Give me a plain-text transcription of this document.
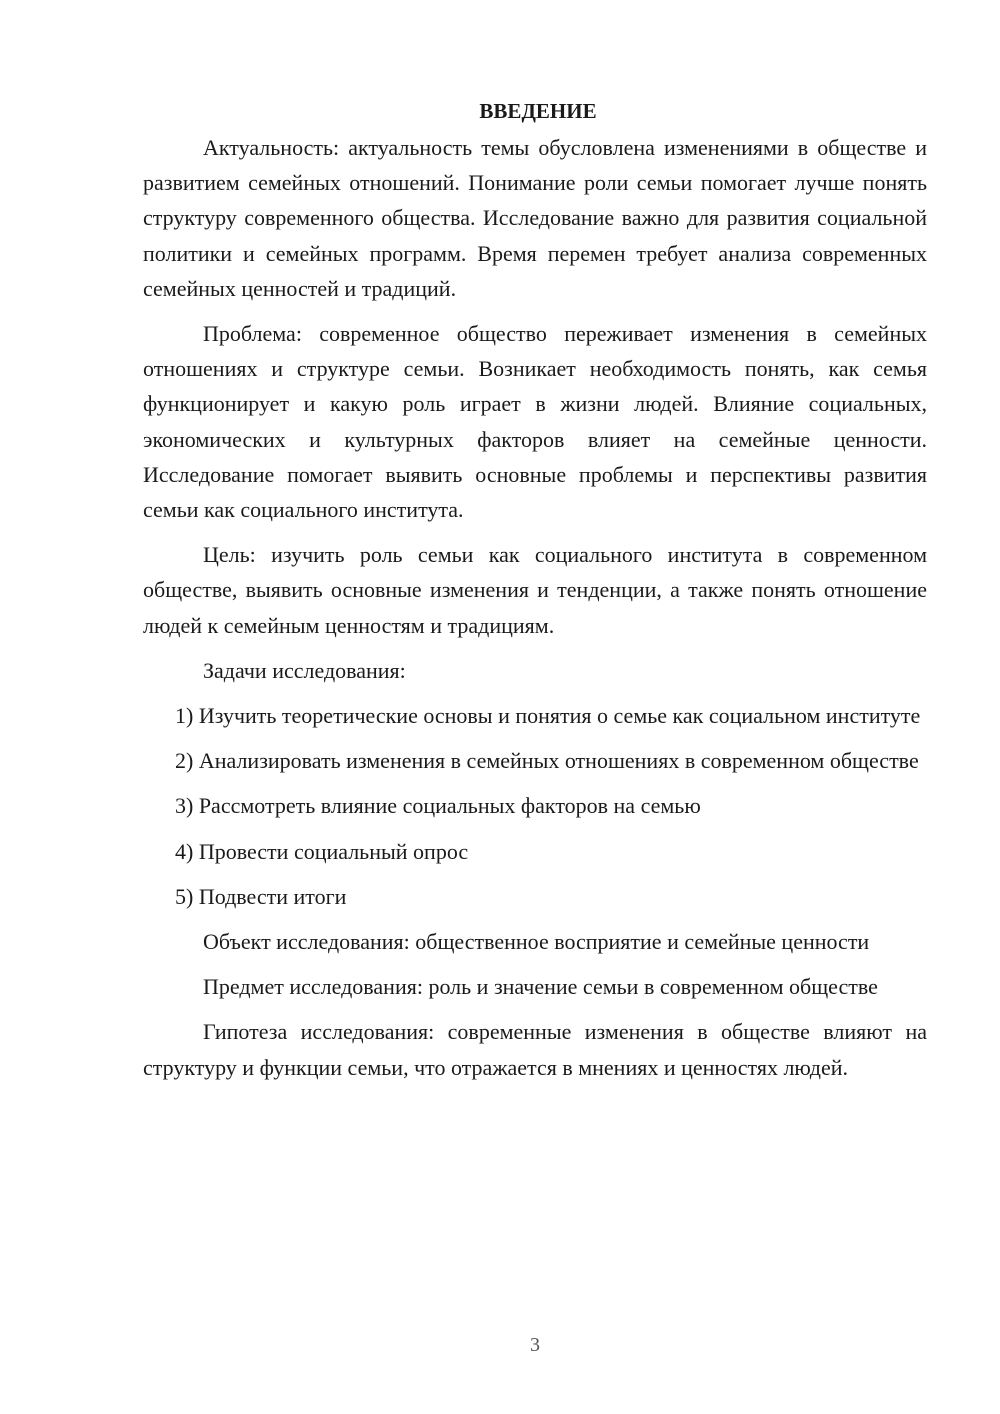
ВВЕДЕНИЕ

Актуальность: актуальность темы обусловлена изменениями в обществе и развитием семейных отношений. Понимание роли семьи помогает лучше понять структуру современного общества. Исследование важно для развития социальной политики и семейных программ. Время перемен требует анализа современных семейных ценностей и традиций.

Проблема: современное общество переживает изменения в семейных отношениях и структуре семьи. Возникает необходимость понять, как семья функционирует и какую роль играет в жизни людей. Влияние социальных, экономических и культурных факторов влияет на семейные ценности. Исследование помогает выявить основные проблемы и перспективы развития семьи как социального института.

Цель: изучить роль семьи как социального института в современном обществе, выявить основные изменения и тенденции, а также понять отношение людей к семейным ценностям и традициям.

Задачи исследования:

1) Изучить теоретические основы и понятия о семье как социальном институте

2) Анализировать изменения в семейных отношениях в современном обществе

3) Рассмотреть влияние социальных факторов на семью

4) Провести социальный опрос

5) Подвести итоги

Объект исследования: общественное восприятие и семейные ценности

Предмет исследования: роль и значение семьи в современном обществе

Гипотеза исследования: современные изменения в обществе влияют на структуру и функции семьи, что отражается в мнениях и ценностях людей.

3
